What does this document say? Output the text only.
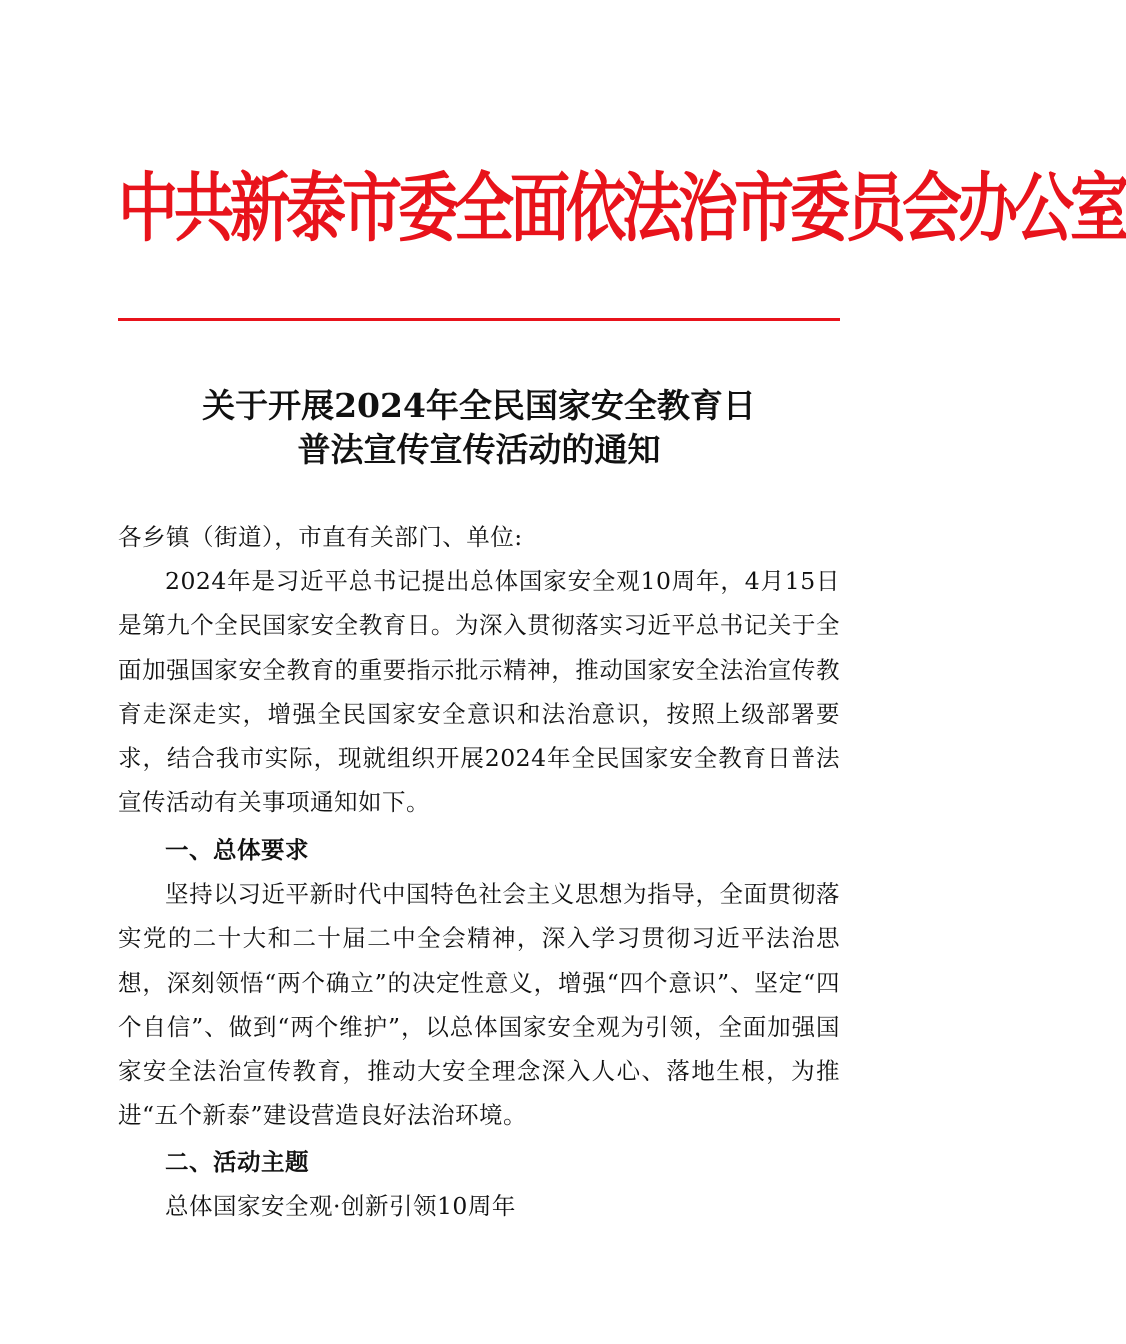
中共新泰市委全面依法治市委员会办公室
关于开展2024年全民国家安全教育日
普法宣传宣传活动的通知
各乡镇（街道），市直有关部门、单位:
2024年是习近平总书记提出总体国家安全观10周年，4月15日是第九个全民国家安全教育日。为深入贯彻落实习近平总书记关于全面加强国家安全教育的重要指示批示精神，推动国家安全法治宣传教育走深走实，增强全民国家安全意识和法治意识，按照上级部署要求，结合我市实际，现就组织开展2024年全民国家安全教育日普法宣传活动有关事项通知如下。
一、总体要求
坚持以习近平新时代中国特色社会主义思想为指导，全面贯彻落实党的二十大和二十届二中全会精神，深入学习贯彻习近平法治思想，深刻领悟“两个确立”的决定性意义，增强“四个意识”、坚定“四个自信”、做到“两个维护”，以总体国家安全观为引领，全面加强国家安全法治宣传教育，推动大安全理念深入人心、落地生根，为推进“五个新泰”建设营造良好法治环境。
二、活动主题
总体国家安全观·创新引领10周年
